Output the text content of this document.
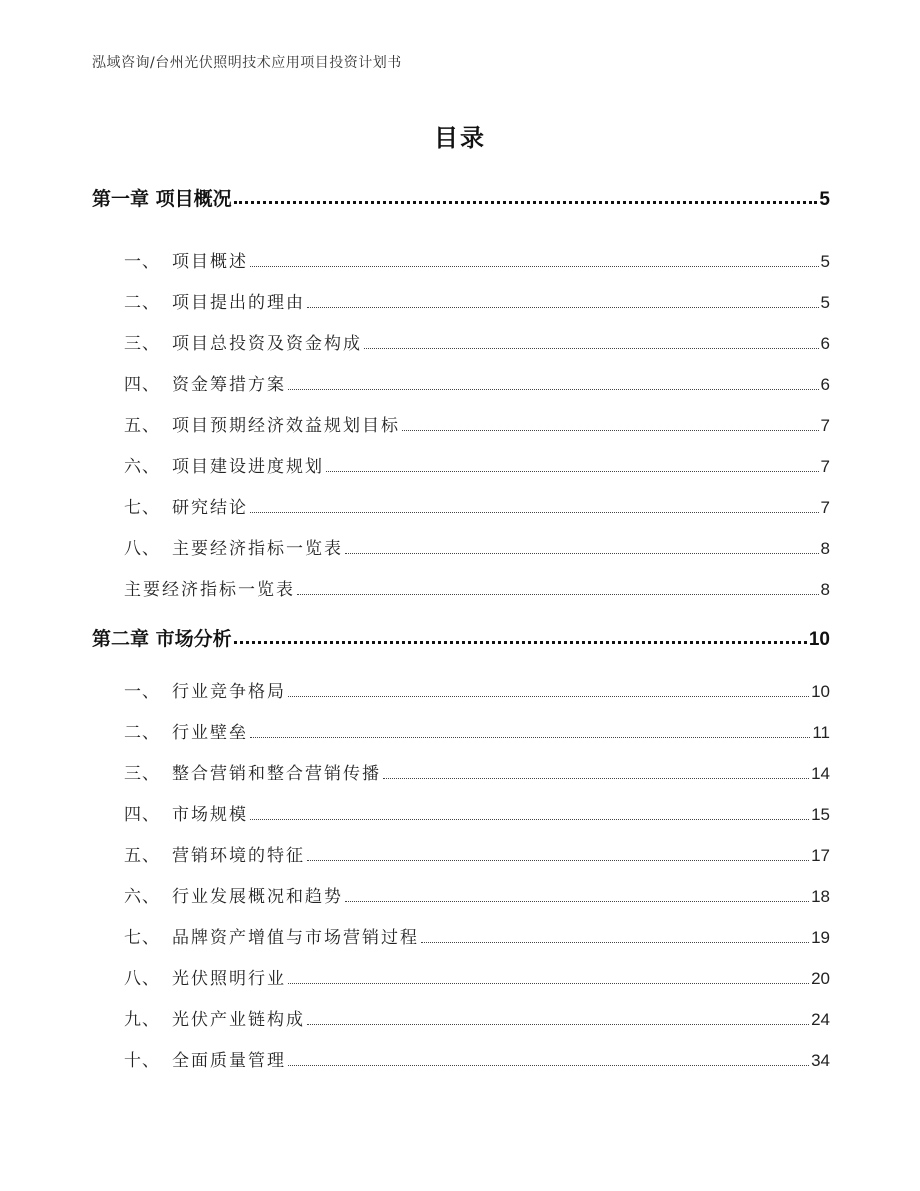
泓域咨询/台州光伏照明技术应用项目投资计划书
目录
第一章 项目概况	5
一、 项目概述	5
二、 项目提出的理由	5
三、 项目总投资及资金构成	6
四、 资金筹措方案	6
五、 项目预期经济效益规划目标	7
六、 项目建设进度规划	7
七、 研究结论	7
八、 主要经济指标一览表	8
主要经济指标一览表	8
第二章 市场分析	10
一、 行业竞争格局	10
二、 行业壁垒	11
三、 整合营销和整合营销传播	14
四、 市场规模	15
五、 营销环境的特征	17
六、 行业发展概况和趋势	18
七、 品牌资产增值与市场营销过程	19
八、 光伏照明行业	20
九、 光伏产业链构成	24
十、 全面质量管理	34
